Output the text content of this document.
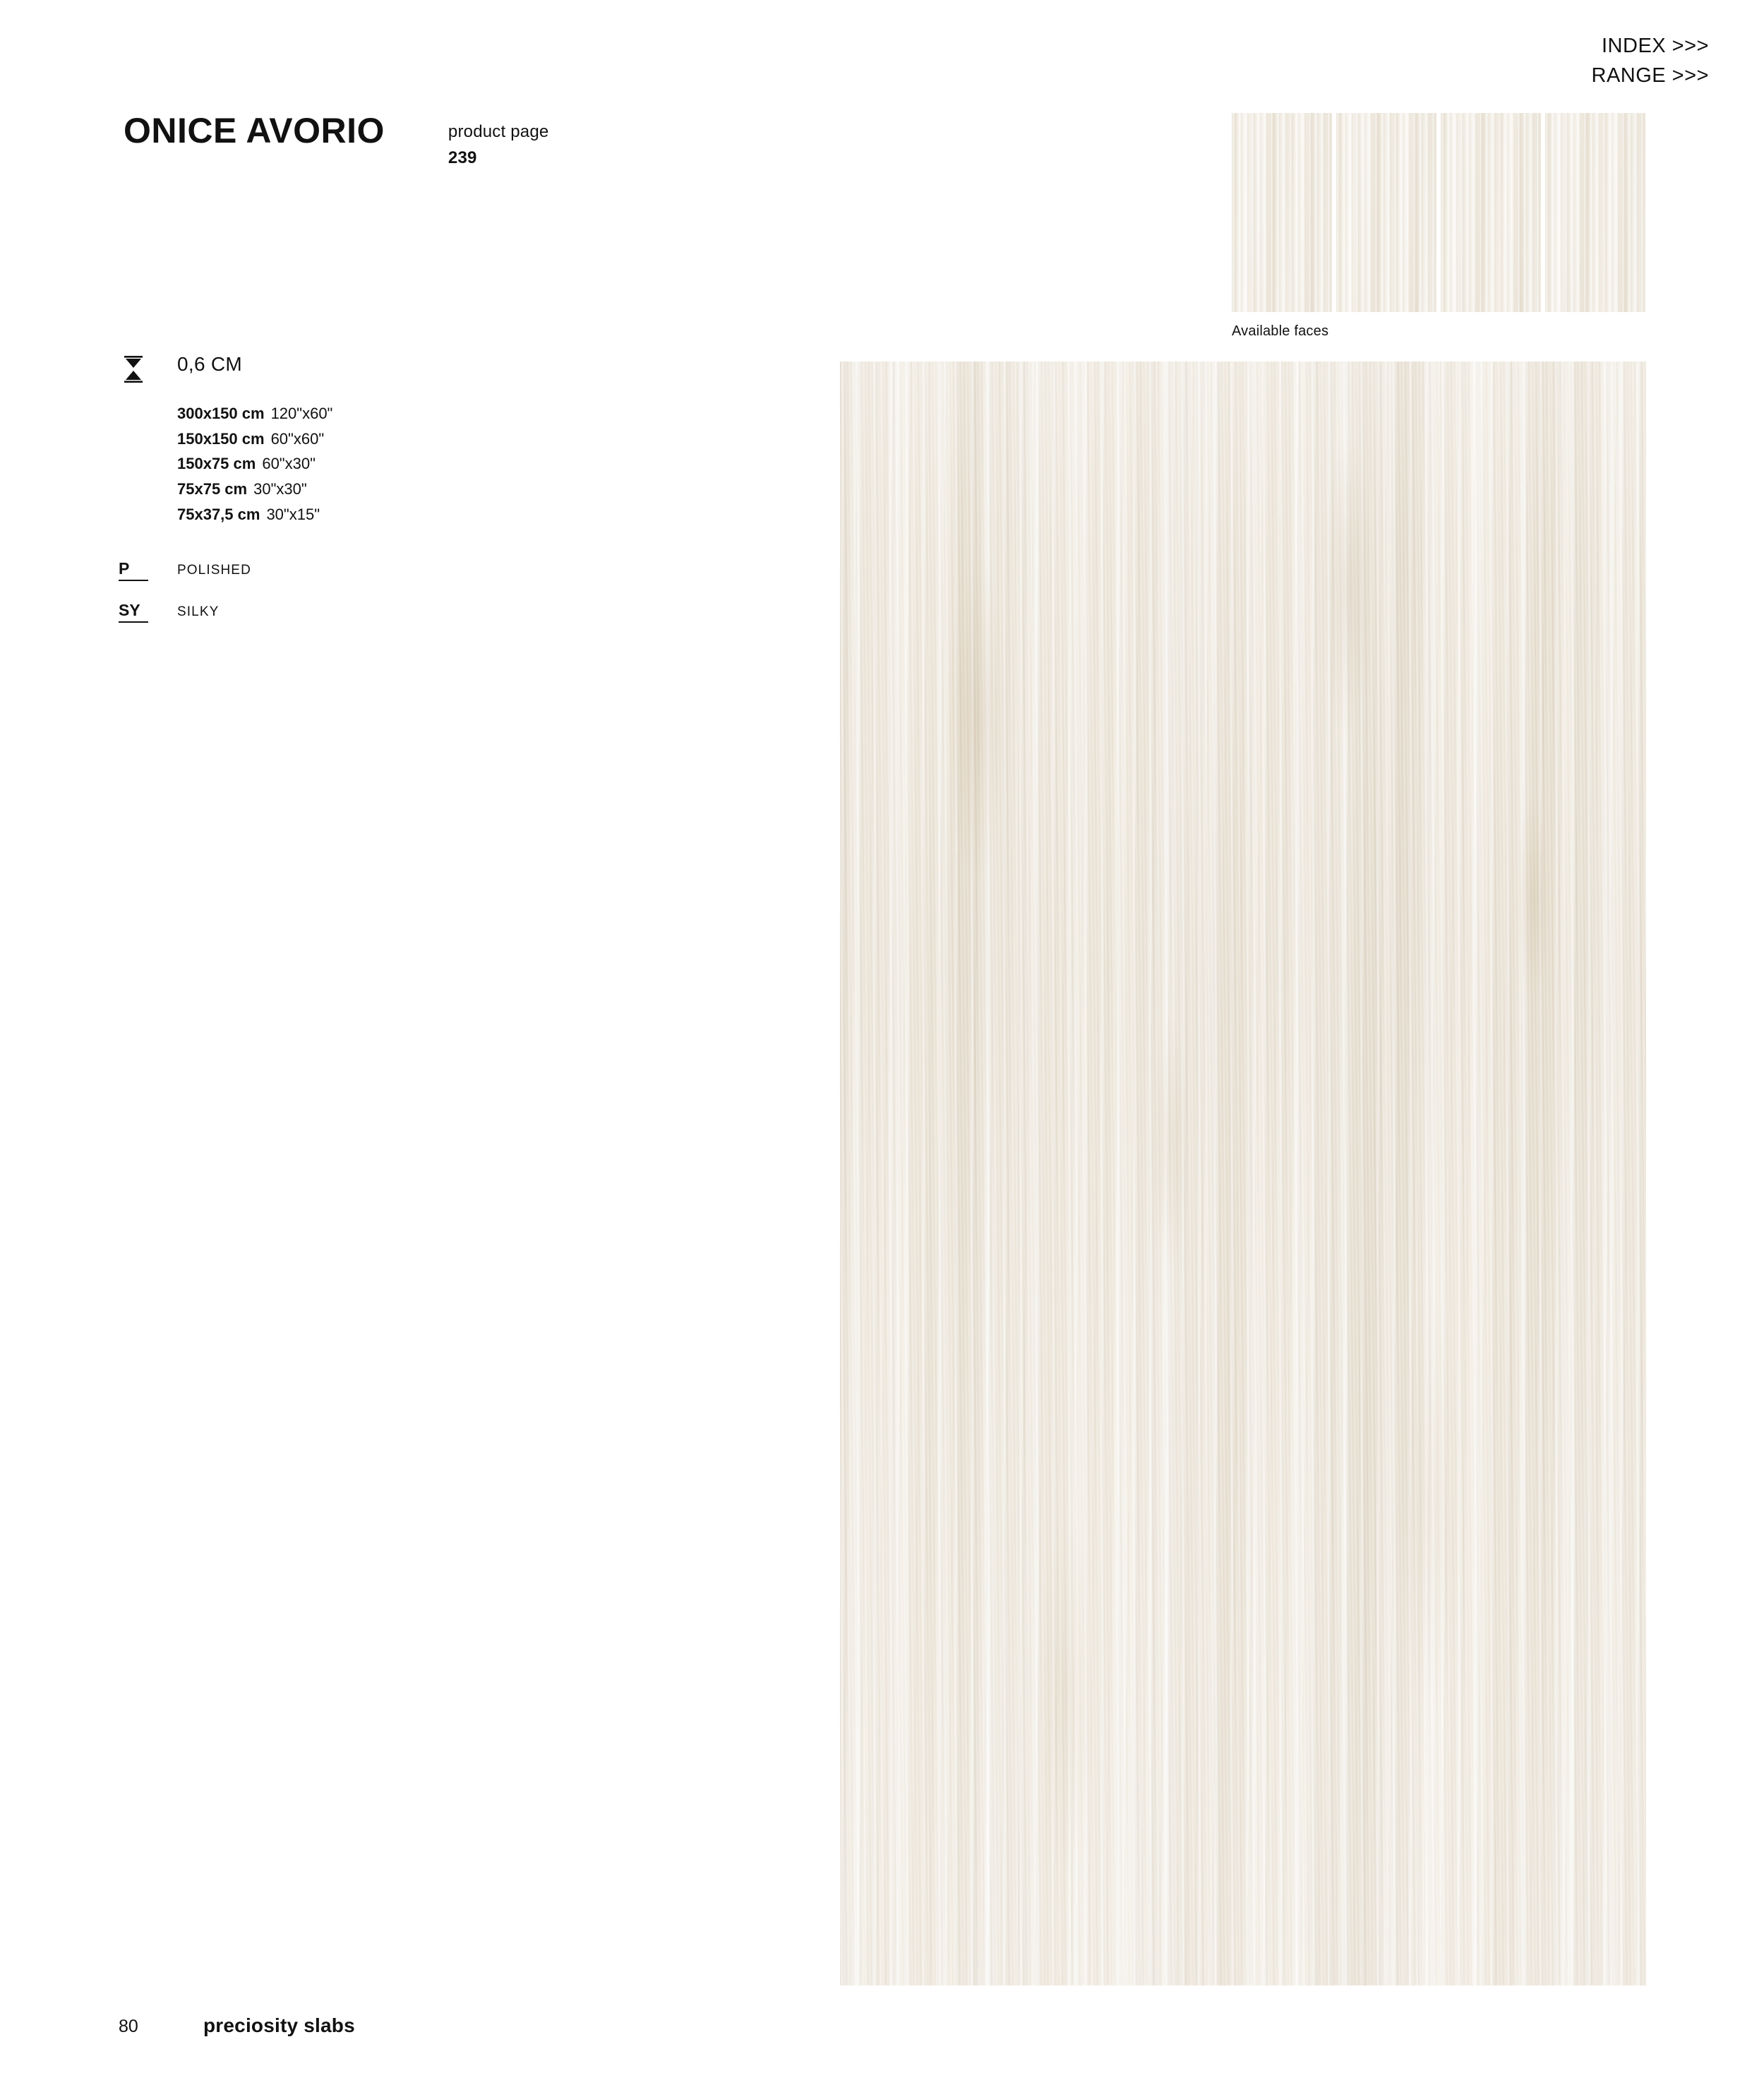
INDEX >>>
RANGE >>>
ONICE AVORIO	product page
239
0,6 CM
300x150 cm 120"x60"
150x150 cm 60"x60"
150x75 cm 60"x30"
75x75 cm 30"x30"
75x37,5 cm 30"x15"
P	POLISHED
SY	SILKY
Available faces
80	preciosity slabs
